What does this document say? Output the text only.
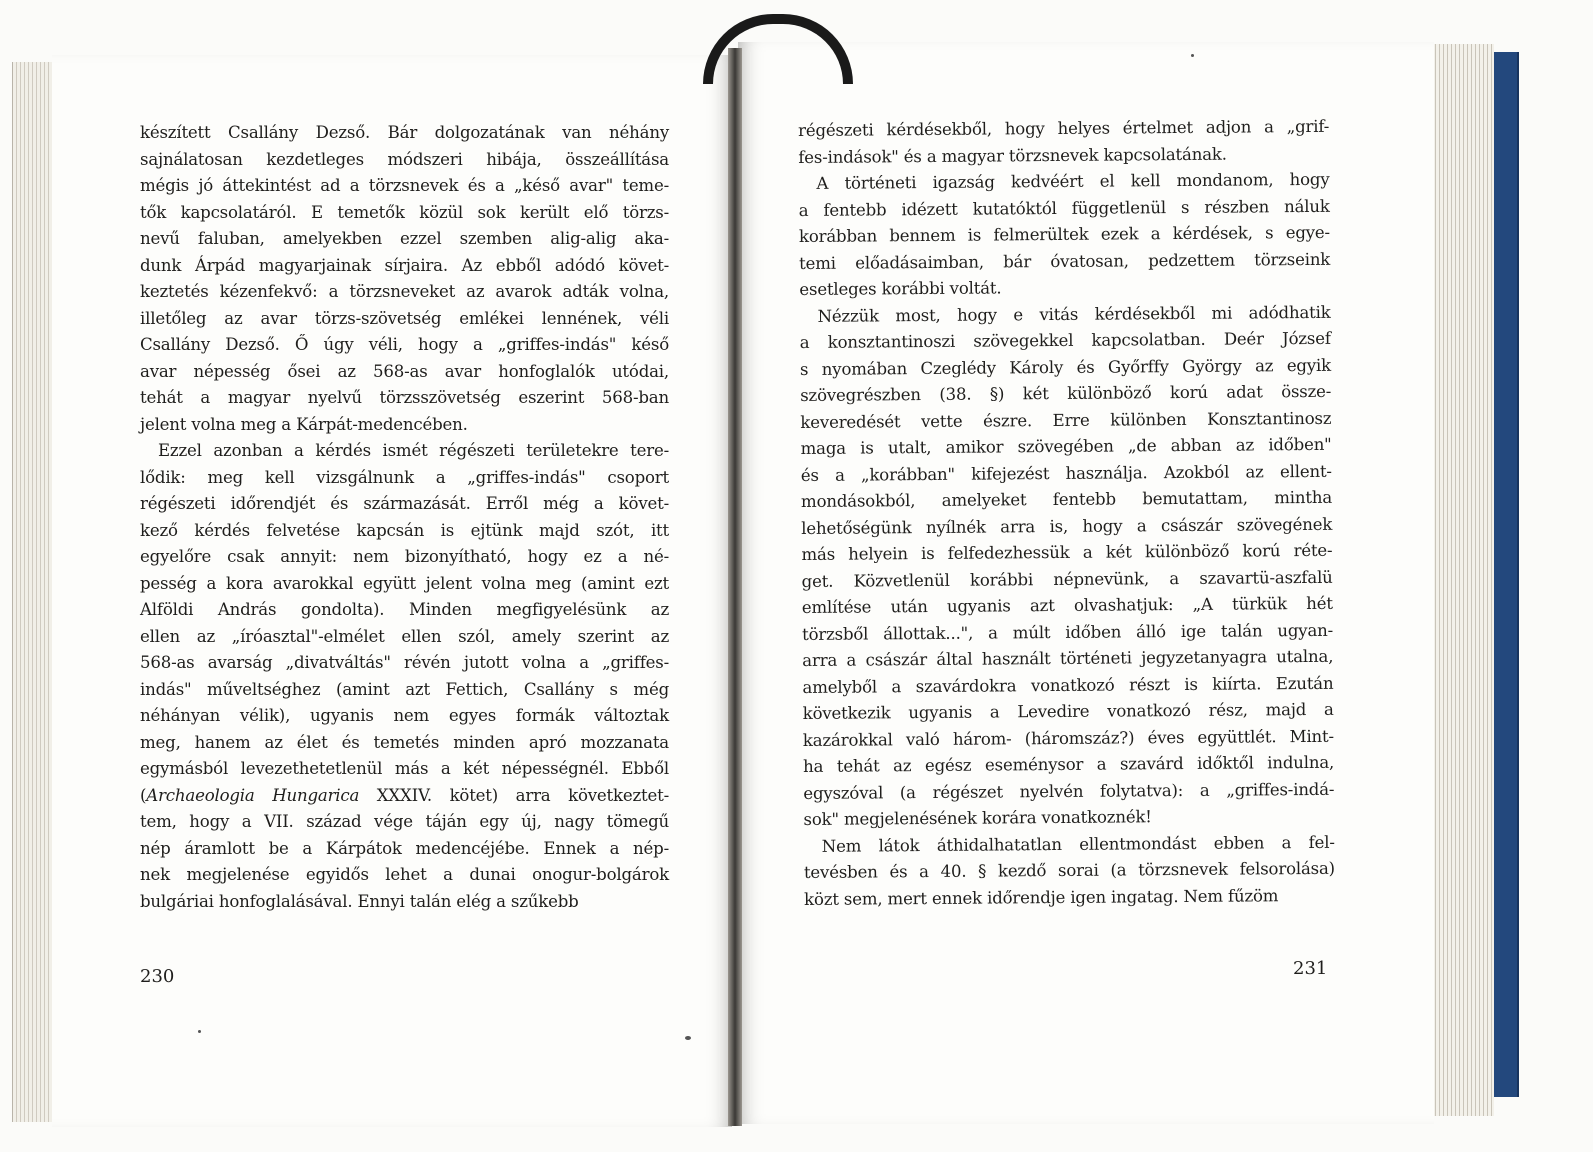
készített Csallány Dezső. Bár dolgozatának van néhány
sajnálatosan kezdetleges módszeri hibája, összeállítása
mégis jó áttekintést ad a törzsnevek és a „késő avar" teme-
tők kapcsolatáról. E temetők közül sok került elő törzs-
nevű faluban, amelyekben ezzel szemben alig-alig aka-
dunk Árpád magyarjainak sírjaira. Az ebből adódó követ-
keztetés kézenfekvő: a törzsneveket az avarok adták volna,
illetőleg az avar törzs-szövetség emlékei lennének, véli
Csallány Dezső. Ő úgy véli, hogy a „griffes-indás" késő
avar népesség ősei az 568-as avar honfoglalók utódai,
tehát a magyar nyelvű törzsszövetség eszerint 568-ban
jelent volna meg a Kárpát-medencében.
Ezzel azonban a kérdés ismét régészeti területekre tere-
lődik: meg kell vizsgálnunk a „griffes-indás" csoport
régészeti időrendjét és származását. Erről még a követ-
kező kérdés felvetése kapcsán is ejtünk majd szót, itt
egyelőre csak annyit: nem bizonyítható, hogy ez a né-
pesség a kora avarokkal együtt jelent volna meg (amint ezt
Alföldi András gondolta). Minden megfigyelésünk az
ellen az „íróasztal"-elmélet ellen szól, amely szerint az
568-as avarság „divatváltás" révén jutott volna a „griffes-
indás" műveltséghez (amint azt Fettich, Csallány s még
néhányan vélik), ugyanis nem egyes formák változtak
meg, hanem az élet és temetés minden apró mozzanata
egymásból levezethetetlenül más a két népességnél. Ebből
(Archaeologia Hungarica XXXIV. kötet) arra következtet-
tem, hogy a VII. század vége táján egy új, nagy tömegű
nép áramlott be a Kárpátok medencéjébe. Ennek a nép-
nek megjelenése egyidős lehet a dunai onogur-bolgárok
bulgáriai honfoglalásával. Ennyi talán elég a szűkebb
régészeti kérdésekből, hogy helyes értelmet adjon a „grif-
fes-indások" és a magyar törzsnevek kapcsolatának.
A történeti igazság kedvéért el kell mondanom, hogy
a fentebb idézett kutatóktól függetlenül s részben náluk
korábban bennem is felmerültek ezek a kérdések, s egye-
temi előadásaimban, bár óvatosan, pedzettem törzseink
esetleges korábbi voltát.
Nézzük most, hogy e vitás kérdésekből mi adódhatik
a konsztantinoszi szövegekkel kapcsolatban. Deér József
s nyomában Czeglédy Károly és Győrffy György az egyik
szövegrészben (38. §) két különböző korú adat össze-
keveredését vette észre. Erre különben Konsztantinosz
maga is utalt, amikor szövegében „de abban az időben"
és a „korábban" kifejezést használja. Azokból az ellent-
mondásokból, amelyeket fentebb bemutattam, mintha
lehetőségünk nyílnék arra is, hogy a császár szövegének
más helyein is felfedezhessük a két különböző korú réte-
get. Közvetlenül korábbi népnevünk, a szavartü-aszfalü
említése után ugyanis azt olvashatjuk: „A türkük hét
törzsből állottak...", a múlt időben álló ige talán ugyan-
arra a császár által használt történeti jegyzetanyagra utalna,
amelyből a szavárdokra vonatkozó részt is kiírta. Ezután
következik ugyanis a Levedire vonatkozó rész, majd a
kazárokkal való három- (háromszáz?) éves együttlét. Mint-
ha tehát az egész eseménysor a szavárd időktől indulna,
egyszóval (a régészet nyelvén folytatva): a „griffes-indá-
sok" megjelenésének korára vonatkoznék!
Nem látok áthidalhatatlan ellentmondást ebben a fel-
tevésben és a 40. § kezdő sorai (a törzsnevek felsorolása)
közt sem, mert ennek időrendje igen ingatag. Nem fűzöm
230	231
